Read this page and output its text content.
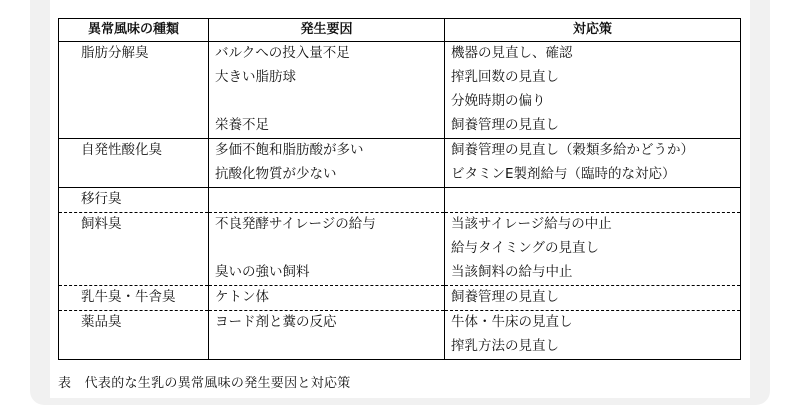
異常風味の種類	発生要因	対応策
脂肪分解臭	バルクへの投入量不足	機器の見直し、確認
	大きい脂肪球	搾乳回数の見直し
		分娩時期の偏り
	栄養不足	飼養管理の見直し
自発性酸化臭	多価不飽和脂肪酸が多い	飼養管理の見直し（穀類多給かどうか）
	抗酸化物質が少ない	ビタミンE製剤給与（臨時的な対応）
移行臭		
飼料臭	不良発酵サイレージの給与	当該サイレージ給与の中止
		給与タイミングの見直し
	臭いの強い飼料	当該飼料の給与中止
乳牛臭・牛舎臭	ケトン体	飼養管理の見直し
薬品臭	ヨード剤と糞の反応	牛体・牛床の見直し
		搾乳方法の見直し
表　代表的な生乳の異常風味の発生要因と対応策
